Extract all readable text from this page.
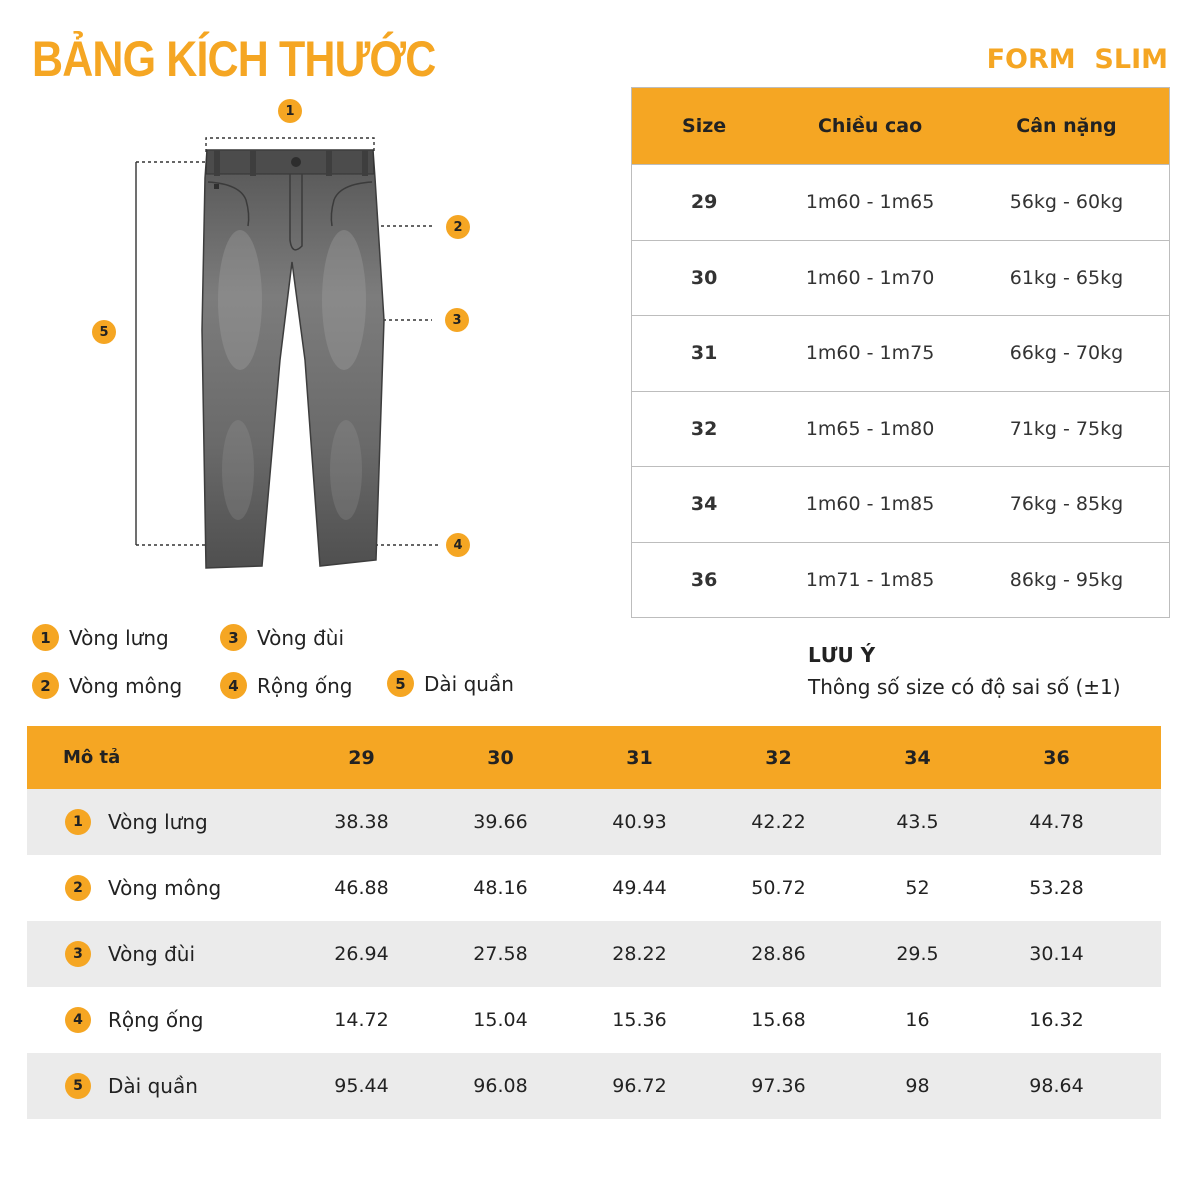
BẢNG KÍCH THƯỚC	FORM  SLIM
1
2
3
4
5
Size	Chiều cao	Cân nặng
29	1m60 - 1m65	56kg - 60kg
30	1m60 - 1m70	61kg - 65kg
31	1m60 - 1m75	66kg - 70kg
32	1m65 - 1m80	71kg - 75kg
34	1m60 - 1m85	76kg - 85kg
36	1m71 - 1m85	86kg - 95kg
1 Vòng lưng	3 Vòng đùi
2 Vòng mông	4 Rộng ống	5 Dài quần
LƯU Ý
Thông số size có độ sai số (±1)
Mô tả	29	30	31	32	34	36
1	Vòng lưng	38.38	39.66	40.93	42.22	43.5	44.78
2	Vòng mông	46.88	48.16	49.44	50.72	52	53.28
3	Vòng đùi	26.94	27.58	28.22	28.86	29.5	30.14
4	Rộng ống	14.72	15.04	15.36	15.68	16	16.32
5	Dài quần	95.44	96.08	96.72	97.36	98	98.64
